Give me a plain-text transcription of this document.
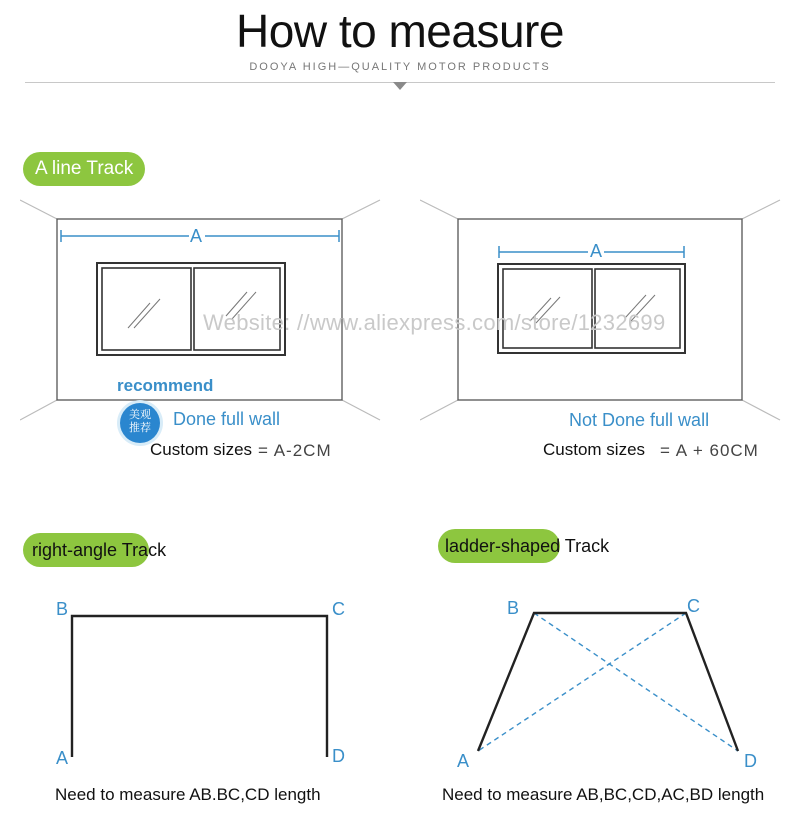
How to measure
DOOYA HIGH—QUALITY MOTOR PRODUCTS
A line Track
A
A
Website: //www.aliexpress.com/store/1232699
recommend
美观
推荐	Done full wall
Custom sizes = A-2CM
Not Done full wall
Custom sizes = A + 60CM
right-angle Track
B	C
A	D
Need to measure AB.BC,CD length
ladder-shaped Track
B	C
A	D
Need to measure AB,BC,CD,AC,BD length
